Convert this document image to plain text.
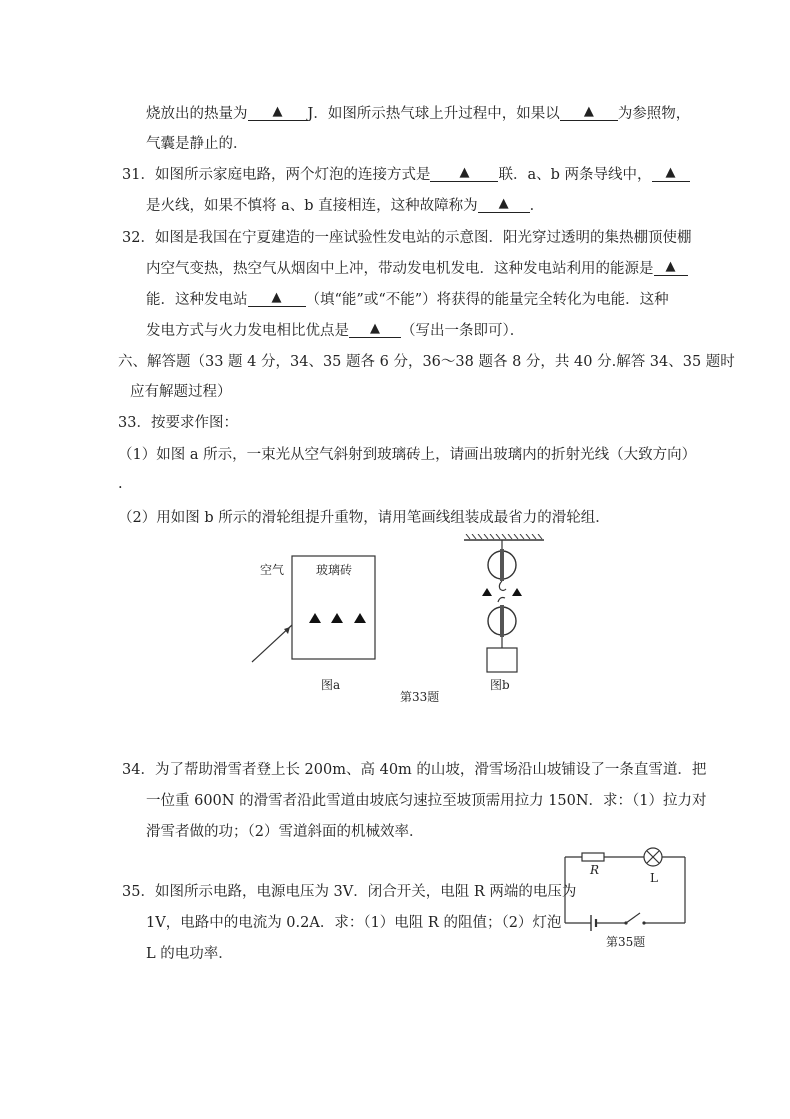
烧放出的热量为 ▲ J．如图所示热气球上升过程中，如果以 ▲ 为参照物，
气囊是静止的．
31．如图所示家庭电路，两个灯泡的连接方式是 ▲ 联．a、b 两条导线中， ▲
是火线，如果不慎将 a、b 直接相连，这种故障称为 ▲ ．
32．如图是我国在宁夏建造的一座试验性发电站的示意图．阳光穿过透明的集热棚顶使棚
内空气变热，热空气从烟囱中上冲，带动发电机发电．这种发电站利用的能源是 ▲
能．这种发电站 ▲ （填“能”或“不能”）将获得的能量完全转化为电能．这种
发电方式与火力发电相比优点是 ▲ （写出一条即可）．
六、解答题（33 题 4 分，34、35 题各 6 分，36～38 题各 8 分，共 40 分.解答 34、35 题时
应有解题过程）
33．按要求作图：
（1）如图 a 所示，一束光从空气斜射到玻璃砖上，请画出玻璃内的折射光线（大致方向）
.
（2）用如图 b 所示的滑轮组提升重物，请用笔画线组装成最省力的滑轮组．
空气	玻璃砖
图a	图b
第33题
34．为了帮助滑雪者登上长 200m、高 40m 的山坡，滑雪场沿山坡铺设了一条直雪道．把
一位重 600N 的滑雪者沿此雪道由坡底匀速拉至坡顶需用拉力 150N．求：（1）拉力对
滑雪者做的功；（2）雪道斜面的机械效率．
35．如图所示电路，电源电压为 3V．闭合开关，电阻 R 两端的电压为
1V，电路中的电流为 0.2A．求：（1）电阻 R 的阻值；（2）灯泡
L 的电功率．
R
L
第35题
